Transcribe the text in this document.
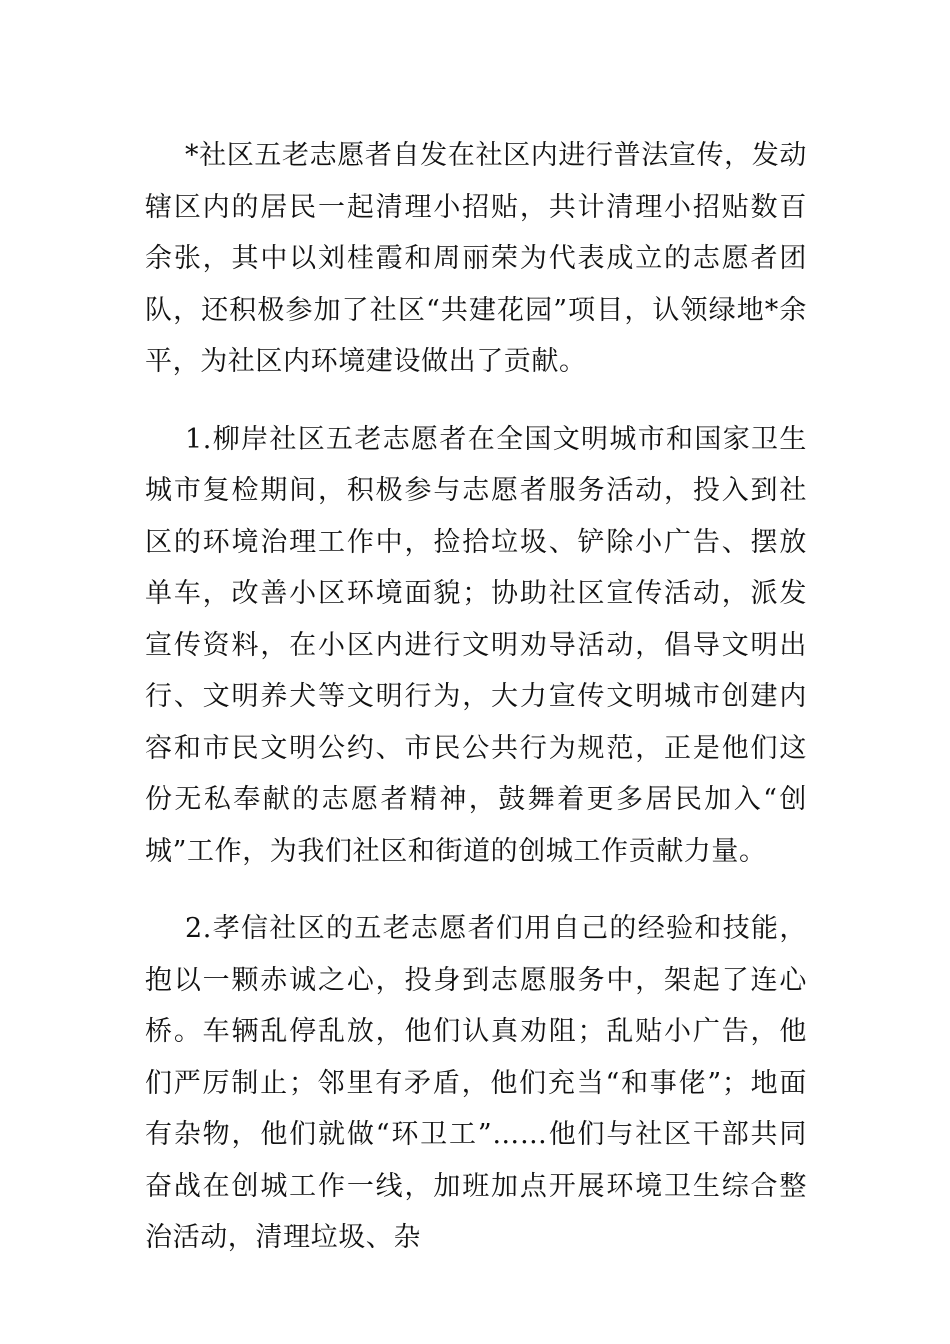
*社区五老志愿者自发在社区内进行普法宣传，发动辖区内的居民一起清理小招贴，共计清理小招贴数百余张，其中以刘桂霞和周丽荣为代表成立的志愿者团队，还积极参加了社区“共建花园”项目，认领绿地*余平，为社区内环境建设做出了贡献。

1.柳岸社区五老志愿者在全国文明城市和国家卫生城市复检期间，积极参与志愿者服务活动，投入到社区的环境治理工作中，捡拾垃圾、铲除小广告、摆放单车，改善小区环境面貌；协助社区宣传活动，派发宣传资料，在小区内进行文明劝导活动，倡导文明出行、文明养犬等文明行为，大力宣传文明城市创建内容和市民文明公约、市民公共行为规范，正是他们这份无私奉献的志愿者精神，鼓舞着更多居民加入“创城”工作，为我们社区和街道的创城工作贡献力量。

2.孝信社区的五老志愿者们用自己的经验和技能，抱以一颗赤诚之心，投身到志愿服务中，架起了连心桥。车辆乱停乱放，他们认真劝阻；乱贴小广告，他们严厉制止；邻里有矛盾，他们充当“和事佬”；地面有杂物，他们就做“环卫工”……他们与社区干部共同奋战在创城工作一线，加班加点开展环境卫生综合整治活动，清理垃圾、杂
